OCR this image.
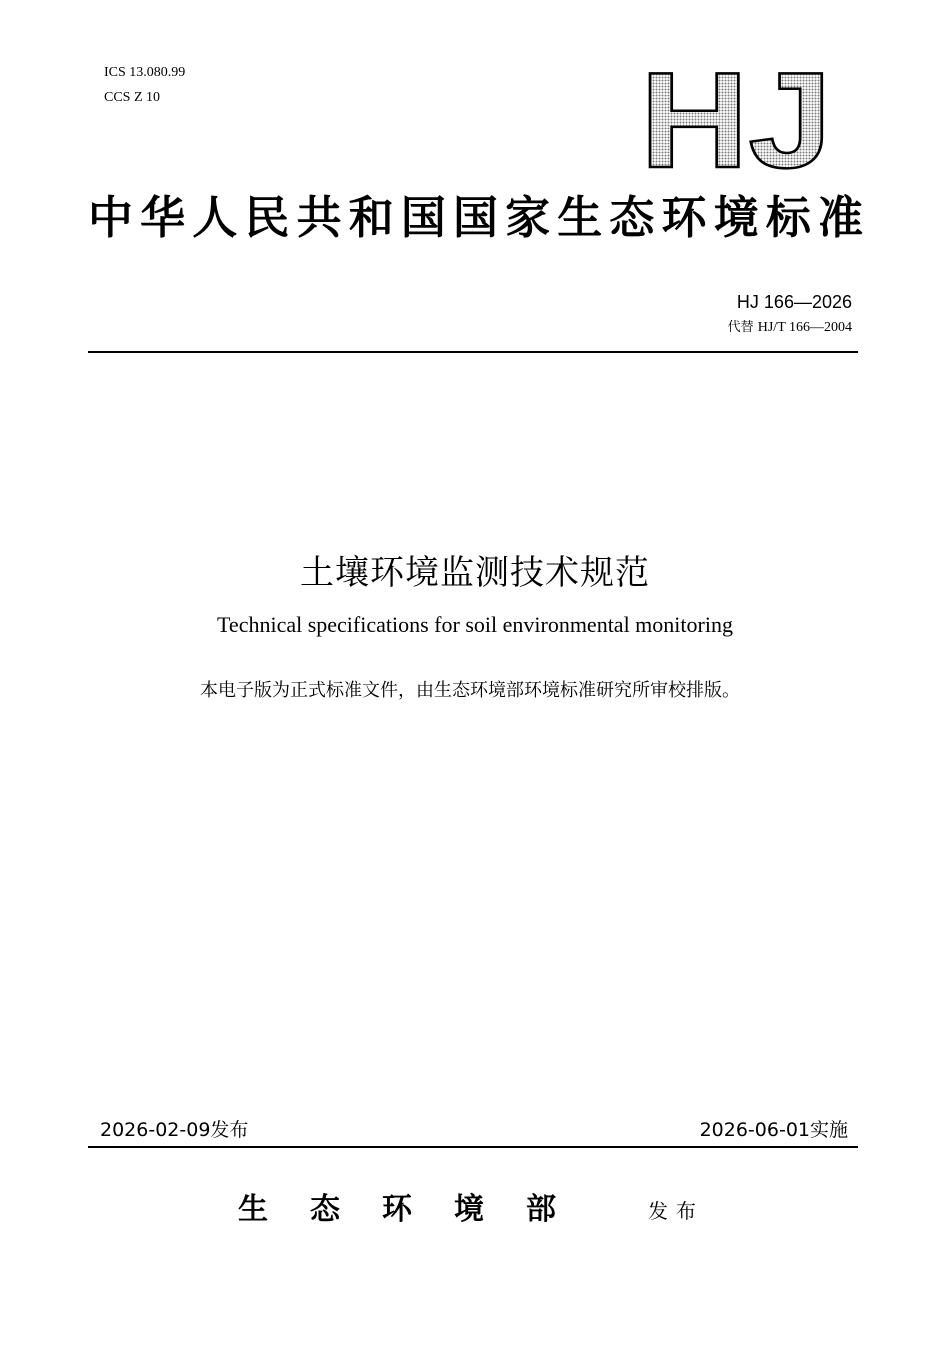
ICS 13.080.99
CCS Z 10	HJ
中华人民共和国国家生态环境标准
HJ 166—2026
代替 HJ/T 166—2004
土壤环境监测技术规范
Technical specifications for soil environmental monitoring
本电子版为正式标准文件，由生态环境部环境标准研究所审校排版。
2026-02-09发布	2026-06-01实施
生态环境部	发布
